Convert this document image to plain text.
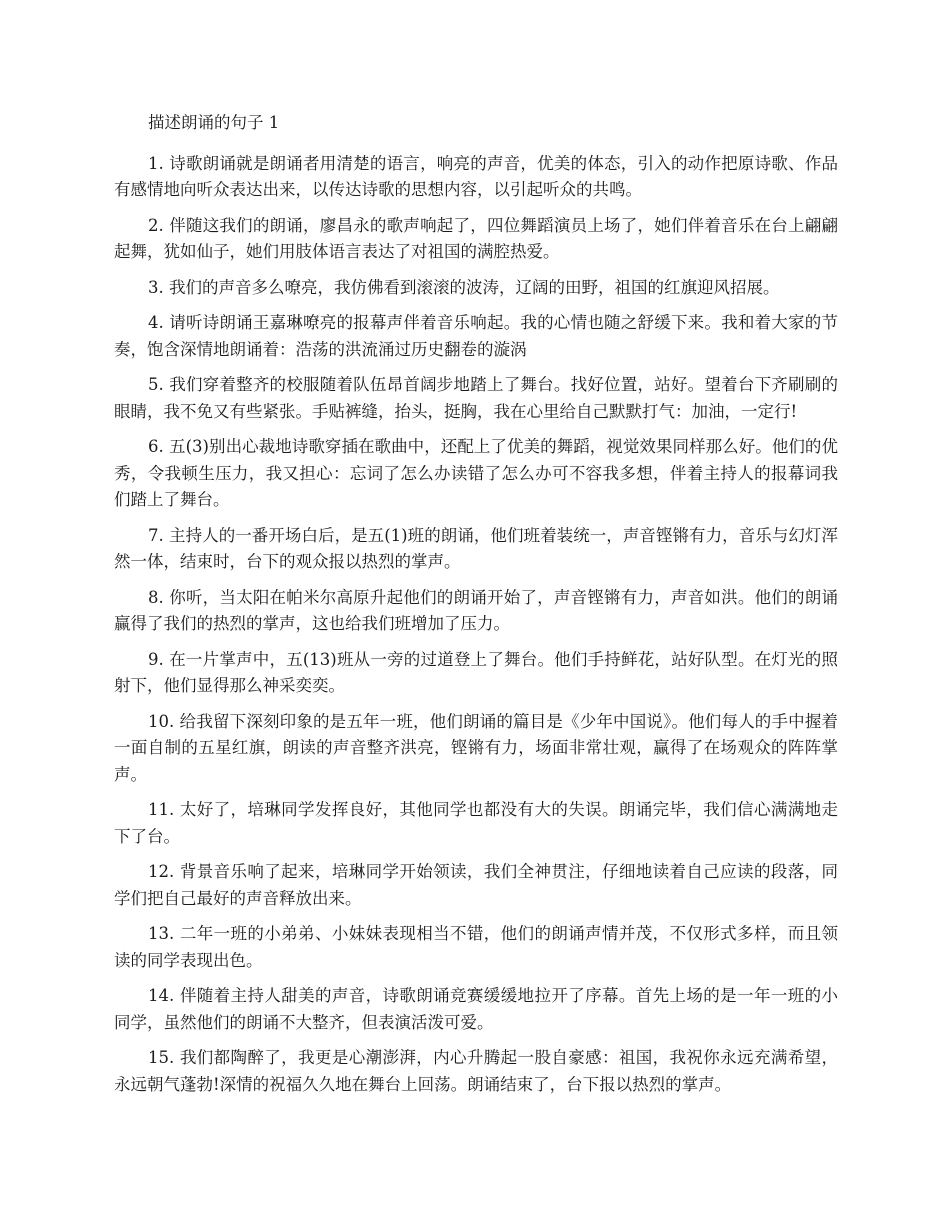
描述朗诵的句子 1

1. 诗歌朗诵就是朗诵者用清楚的语言，响亮的声音，优美的体态，引入的动作把原诗歌、作品有感情地向听众表达出来，以传达诗歌的思想内容，以引起听众的共鸣。

2. 伴随这我们的朗诵，廖昌永的歌声响起了，四位舞蹈演员上场了，她们伴着音乐在台上翩翩起舞，犹如仙子，她们用肢体语言表达了对祖国的满腔热爱。

3. 我们的声音多么嘹亮，我仿佛看到滚滚的波涛，辽阔的田野，祖国的红旗迎风招展。

4. 请听诗朗诵王嘉琳嘹亮的报幕声伴着音乐响起。我的心情也随之舒缓下来。我和着大家的节奏，饱含深情地朗诵着：浩荡的洪流涌过历史翻卷的漩涡

5. 我们穿着整齐的校服随着队伍昂首阔步地踏上了舞台。找好位置，站好。望着台下齐刷刷的眼睛，我不免又有些紧张。手贴裤缝，抬头，挺胸，我在心里给自己默默打气：加油，一定行!

6. 五(3)别出心裁地诗歌穿插在歌曲中，还配上了优美的舞蹈，视觉效果同样那么好。他们的优秀，令我顿生压力，我又担心：忘词了怎么办读错了怎么办可不容我多想，伴着主持人的报幕词我们踏上了舞台。

7. 主持人的一番开场白后，是五(1)班的朗诵，他们班着装统一，声音铿锵有力，音乐与幻灯浑然一体，结束时，台下的观众报以热烈的掌声。

8. 你听，当太阳在帕米尔高原升起他们的朗诵开始了，声音铿锵有力，声音如洪。他们的朗诵赢得了我们的热烈的掌声，这也给我们班增加了压力。

9. 在一片掌声中，五(13)班从一旁的过道登上了舞台。他们手持鲜花，站好队型。在灯光的照射下，他们显得那么神采奕奕。

10. 给我留下深刻印象的是五年一班，他们朗诵的篇目是《少年中国说》。他们每人的手中握着一面自制的五星红旗，朗读的声音整齐洪亮，铿锵有力，场面非常壮观，赢得了在场观众的阵阵掌声。

11. 太好了，培琳同学发挥良好，其他同学也都没有大的失误。朗诵完毕，我们信心满满地走下了台。

12. 背景音乐响了起来，培琳同学开始领读，我们全神贯注，仔细地读着自己应读的段落，同学们把自己最好的声音释放出来。

13. 二年一班的小弟弟、小妹妹表现相当不错，他们的朗诵声情并茂，不仅形式多样，而且领读的同学表现出色。

14. 伴随着主持人甜美的声音，诗歌朗诵竞赛缓缓地拉开了序幕。首先上场的是一年一班的小同学，虽然他们的朗诵不大整齐，但表演活泼可爱。

15. 我们都陶醉了，我更是心潮澎湃，内心升腾起一股自豪感：祖国，我祝你永远充满希望，永远朝气蓬勃!深情的祝福久久地在舞台上回荡。朗诵结束了，台下报以热烈的掌声。
